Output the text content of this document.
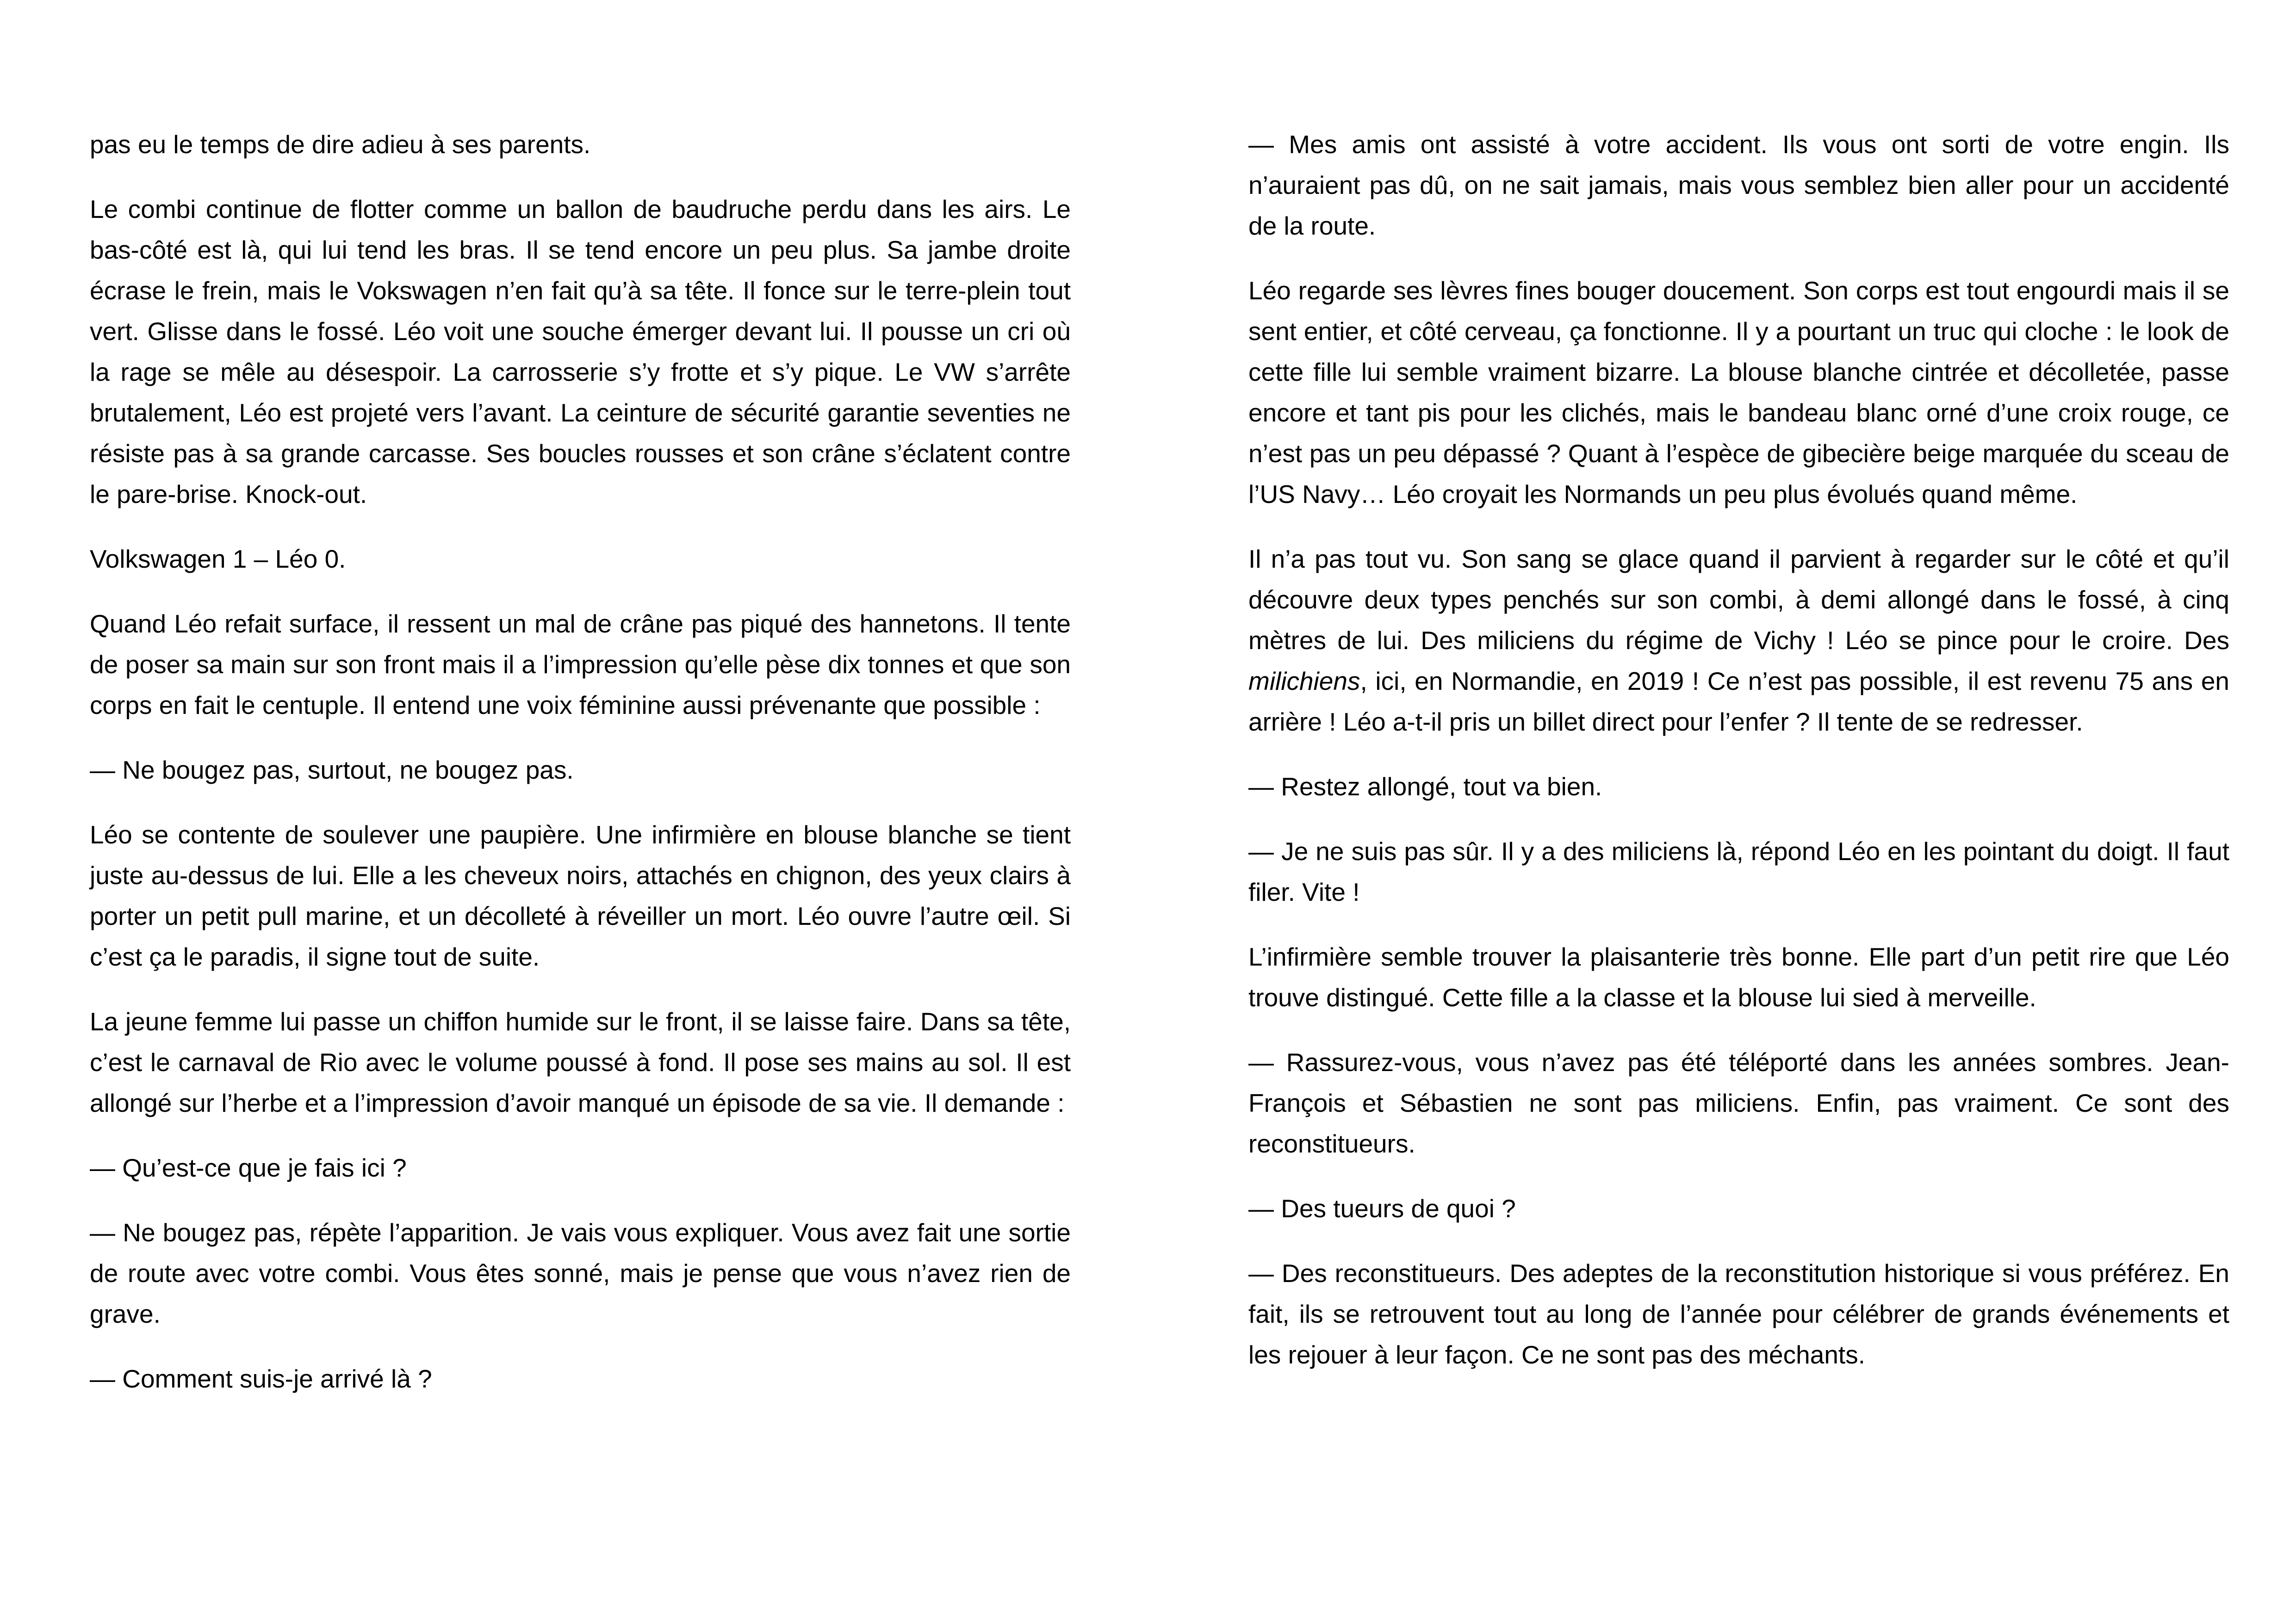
pas eu le temps de dire adieu à ses parents.

Le combi continue de flotter comme un ballon de baudruche perdu dans les airs. Le bas-côté est là, qui lui tend les bras. Il se tend encore un peu plus. Sa jambe droite écrase le frein, mais le Vokswagen n’en fait qu’à sa tête. Il fonce sur le terre-plein tout vert. Glisse dans le fossé. Léo voit une souche émerger devant lui. Il pousse un cri où la rage se mêle au désespoir. La carrosserie s’y frotte et s’y pique. Le VW s’arrête brutalement, Léo est projeté vers l’avant. La ceinture de sécurité garantie seventies ne résiste pas à sa grande carcasse. Ses boucles rousses et son crâne s’éclatent contre le pare-brise. Knock-out.

Volkswagen 1 – Léo 0.

Quand Léo refait surface, il ressent un mal de crâne pas piqué des hannetons. Il tente de poser sa main sur son front mais il a l’impression qu’elle pèse dix tonnes et que son corps en fait le centuple. Il entend une voix féminine aussi prévenante que possible :

— Ne bougez pas, surtout, ne bougez pas.

Léo se contente de soulever une paupière. Une infirmière en blouse blanche se tient juste au-dessus de lui. Elle a les cheveux noirs, attachés en chignon, des yeux clairs à porter un petit pull marine, et un décolleté à réveiller un mort. Léo ouvre l’autre œil. Si c’est ça le paradis, il signe tout de suite.

La jeune femme lui passe un chiffon humide sur le front, il se laisse faire. Dans sa tête, c’est le carnaval de Rio avec le volume poussé à fond. Il pose ses mains au sol. Il est allongé sur l’herbe et a l’impression d’avoir manqué un épisode de sa vie. Il demande :

— Qu’est-ce que je fais ici ?

— Ne bougez pas, répète l’apparition. Je vais vous expliquer. Vous avez fait une sortie de route avec votre combi. Vous êtes sonné, mais je pense que vous n’avez rien de grave.

— Comment suis-je arrivé là ?

— Mes amis ont assisté à votre accident. Ils vous ont sorti de votre engin. Ils n’auraient pas dû, on ne sait jamais, mais vous semblez bien aller pour un accidenté de la route.

Léo regarde ses lèvres fines bouger doucement. Son corps est tout engourdi mais il se sent entier, et côté cerveau, ça fonctionne. Il y a pourtant un truc qui cloche : le look de cette fille lui semble vraiment bizarre. La blouse blanche cintrée et décolletée, passe encore et tant pis pour les clichés, mais le bandeau blanc orné d’une croix rouge, ce n’est pas un peu dépassé ? Quant à l’espèce de gibecière beige marquée du sceau de l’US Navy… Léo croyait les Normands un peu plus évolués quand même.

Il n’a pas tout vu. Son sang se glace quand il parvient à regarder sur le côté et qu’il découvre deux types penchés sur son combi, à demi allongé dans le fossé, à cinq mètres de lui. Des miliciens du régime de Vichy ! Léo se pince pour le croire. Des milichiens, ici, en Normandie, en 2019 ! Ce n’est pas possible, il est revenu 75 ans en arrière ! Léo a-t-il pris un billet direct pour l’enfer ? Il tente de se redresser.

— Restez allongé, tout va bien.

— Je ne suis pas sûr. Il y a des miliciens là, répond Léo en les pointant du doigt. Il faut filer. Vite !

L’infirmière semble trouver la plaisanterie très bonne. Elle part d’un petit rire que Léo trouve distingué. Cette fille a la classe et la blouse lui sied à merveille.

— Rassurez-vous, vous n’avez pas été téléporté dans les années sombres. Jean-François et Sébastien ne sont pas miliciens. Enfin, pas vraiment. Ce sont des reconstitueurs.

— Des tueurs de quoi ?

— Des reconstitueurs. Des adeptes de la reconstitution historique si vous préférez. En fait, ils se retrouvent tout au long de l’année pour célébrer de grands événements et les rejouer à leur façon. Ce ne sont pas des méchants.
